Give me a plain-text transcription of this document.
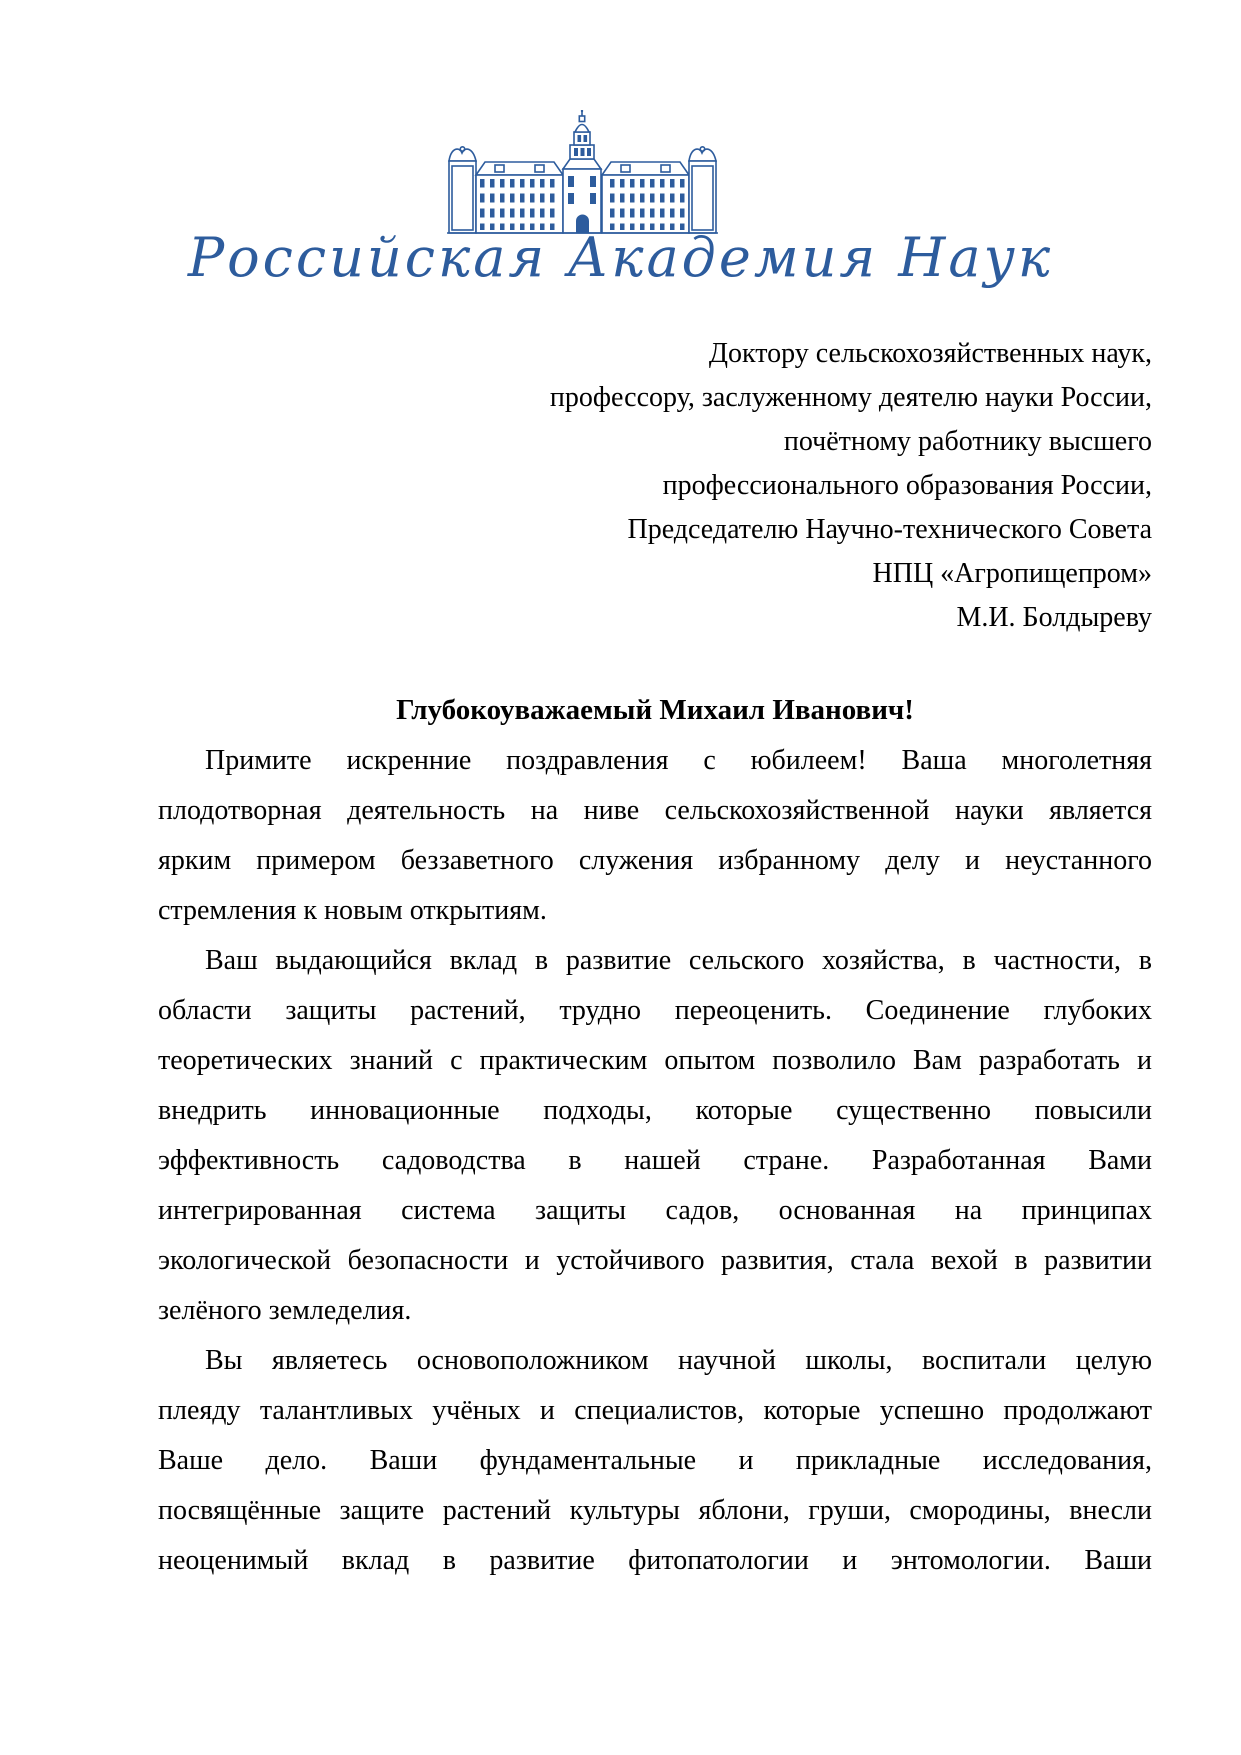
Российская Академия Наук
Доктору сельскохозяйственных наук,
профессору, заслуженному деятелю науки России,
почётному работнику высшего
профессионального образования России,
Председателю Научно-технического Совета
НПЦ «Агропищепром»
М.И. Болдыреву
Глубокоуважаемый Михаил Иванович!
Примите искренние поздравления с юбилеем! Ваша многолетняя
плодотворная деятельность на ниве сельскохозяйственной науки является
ярким примером беззаветного служения избранному делу и неустанного
стремления к новым открытиям.
Ваш выдающийся вклад в развитие сельского хозяйства, в частности, в
области защиты растений, трудно переоценить. Соединение глубоких
теоретических знаний с практическим опытом позволило Вам разработать и
внедрить инновационные подходы, которые существенно повысили
эффективность садоводства в нашей стране. Разработанная Вами
интегрированная система защиты садов, основанная на принципах
экологической безопасности и устойчивого развития, стала вехой в развитии
зелёного земледелия.
Вы являетесь основоположником научной школы, воспитали целую
плеяду талантливых учёных и специалистов, которые успешно продолжают
Ваше дело. Ваши фундаментальные и прикладные исследования,
посвящённые защите растений культуры яблони, груши, смородины, внесли
неоценимый вклад в развитие фитопатологии и энтомологии. Ваши
